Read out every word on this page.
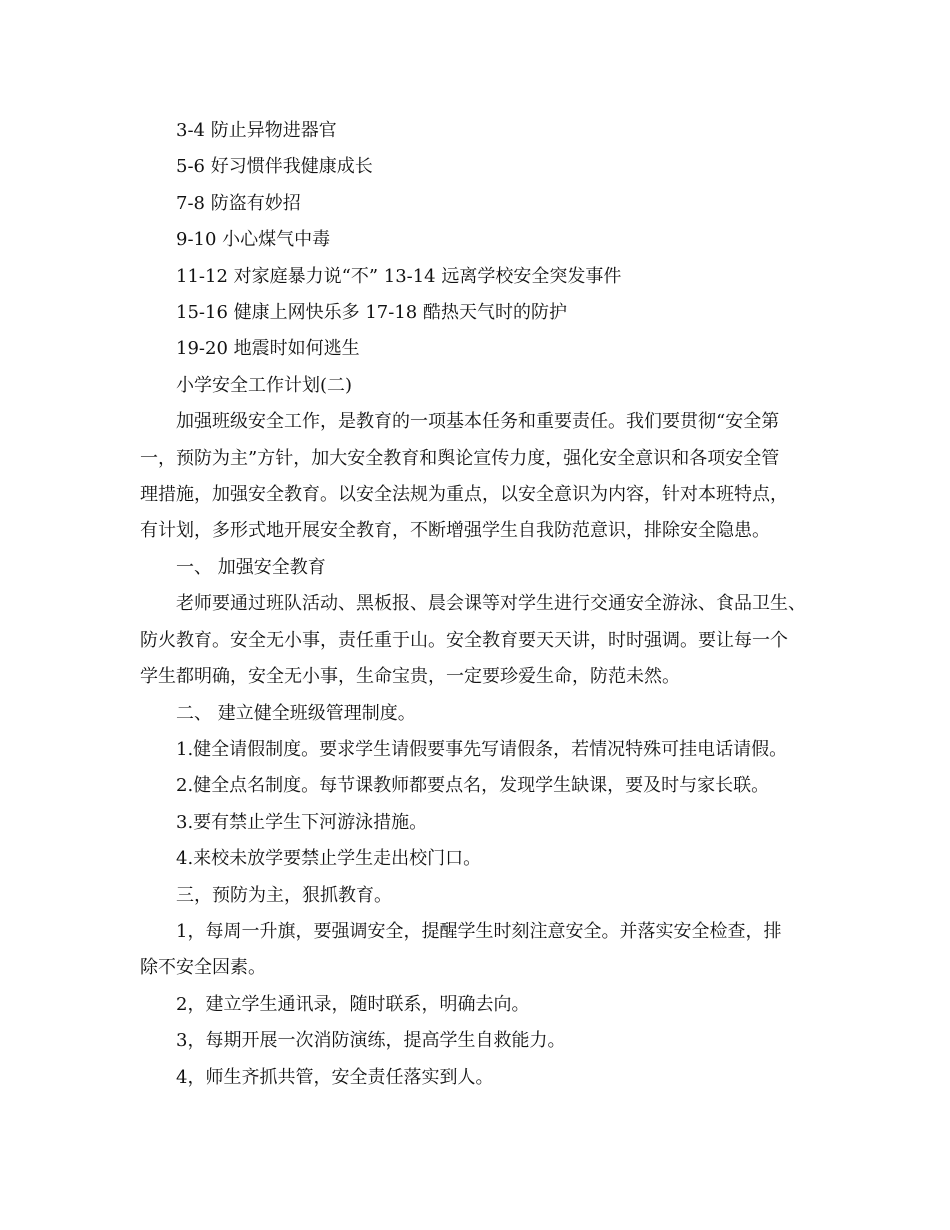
3-4 防止异物进器官

5-6 好习惯伴我健康成长

7-8 防盗有妙招

9-10 小心煤气中毒

11-12 对家庭暴力说“不” 13-14 远离学校安全突发事件

15-16 健康上网快乐多 17-18 酷热天气时的防护

19-20 地震时如何逃生

小学安全工作计划(二)

加强班级安全工作，是教育的一项基本任务和重要责任。我们要贯彻“安全第

一，预防为主”方针，加大安全教育和舆论宣传力度，强化安全意识和各项安全管

理措施，加强安全教育。以安全法规为重点，以安全意识为内容，针对本班特点，

有计划，多形式地开展安全教育，不断增强学生自我防范意识，排除安全隐患。

一、 加强安全教育

老师要通过班队活动、黑板报、晨会课等对学生进行交通安全游泳、食品卫生、

防火教育。安全无小事，责任重于山。安全教育要天天讲，时时强调。要让每一个

学生都明确，安全无小事，生命宝贵，一定要珍爱生命，防范未然。

二、 建立健全班级管理制度。

1.健全请假制度。要求学生请假要事先写请假条，若情况特殊可挂电话请假。

2.健全点名制度。每节课教师都要点名，发现学生缺课，要及时与家长联。

3.要有禁止学生下河游泳措施。

4.来校未放学要禁止学生走出校门口。

三，预防为主，狠抓教育。

1，每周一升旗，要强调安全，提醒学生时刻注意安全。并落实安全检查，排

除不安全因素。

2，建立学生通讯录，随时联系，明确去向。

3，每期开展一次消防演练，提高学生自救能力。

4，师生齐抓共管，安全责任落实到人。
